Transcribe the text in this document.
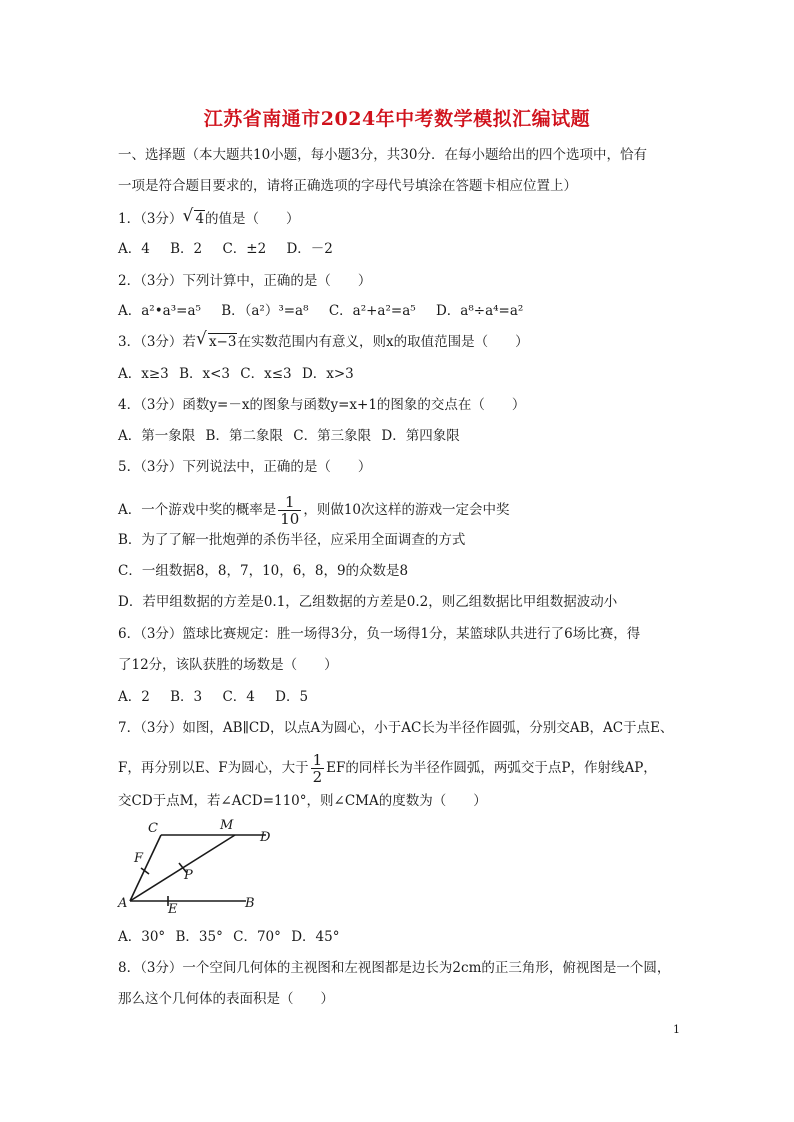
江苏省南通市2024年中考数学模拟汇编试题
一、选择题（本大题共10小题，每小题3分，共30分．在每小题给出的四个选项中，恰有
一项是符合题目要求的，请将正确选项的字母代号填涂在答题卡相应位置上）
1．（3分） √ 4的值是（　　）
A．4 B．2 C．±2 D．－2
2．（3分）下列计算中，正确的是（　　）
A．a²•a³=a⁵ B．（a²）³=a⁸ C．a²+a²=a⁵ D．a⁸÷a⁴=a²
3．（3分）若 √ x−3在实数范围内有意义，则x的取值范围是（　　）
A．x≥3 B．x<3 C．x≤3 D．x>3
4．（3分）函数y=－x的图象与函数y=x+1的图象的交点在（　　）
A．第一象限 B．第二象限 C．第三象限 D．第四象限
5．（3分）下列说法中，正确的是（　　）
A．一个游戏中奖的概率是 $\frac{1}{10}$ ，则做10次这样的游戏一定会中奖
B．为了了解一批炮弹的杀伤半径，应采用全面调查的方式
C．一组数据8，8，7，10，6，8，9的众数是8
D．若甲组数据的方差是0.1，乙组数据的方差是0.2，则乙组数据比甲组数据波动小
6．（3分）篮球比赛规定：胜一场得3分，负一场得1分，某篮球队共进行了6场比赛，得
了12分，该队获胜的场数是（　　）
A．2 B．3 C．4 D．5
7．（3分）如图，AB∥CD，以点A为圆心，小于AC长为半径作圆弧，分别交AB，AC于点E、
F，再分别以E、F为圆心，大于 $\frac{1}{2}$ EF的同样长为半径作圆弧，两弧交于点P，作射线AP，
交CD于点M，若∠ACD=110°，则∠CMA的度数为（　　）
C	M
D
F
P
A	E	B
A．30° B．35° C．70° D．45°
8．（3分）一个空间几何体的主视图和左视图都是边长为2cm的正三角形，俯视图是一个圆，
那么这个几何体的表面积是（　　）
1
